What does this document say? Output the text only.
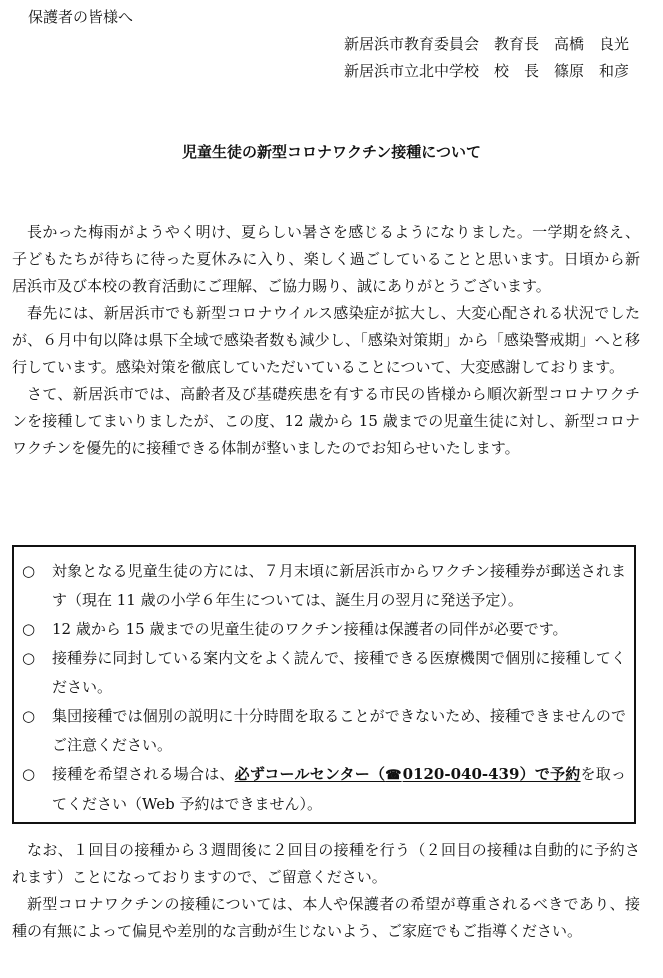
保護者の皆様へ
新居浜市教育委員会　教育長　高橋　良光
新居浜市立北中学校　校　長　篠原　和彦
児童生徒の新型コロナワクチン接種について

長かった梅雨がようやく明け、夏らしい暑さを感じるようになりました。一学期を終え、子どもたちが待ちに待った夏休みに入り、楽しく過ごしていることと思います。日頃から新居浜市及び本校の教育活動にご理解、ご協力賜り、誠にありがとうございます。

春先には、新居浜市でも新型コロナウイルス感染症が拡大し、大変心配される状況でしたが、６月中旬以降は県下全域で感染者数も減少し、「感染対策期」から「感染警戒期」へと移行しています。感染対策を徹底していただいていることについて、大変感謝しております。

さて、新居浜市では、高齢者及び基礎疾患を有する市民の皆様から順次新型コロナワクチンを接種してまいりましたが、この度、12 歳から 15 歳までの児童生徒に対し、新型コロナワクチンを優先的に接種できる体制が整いましたのでお知らせいたします。

○	対象となる児童生徒の方には、７月末頃に新居浜市からワクチン接種券が郵送されます（現在 11 歳の小学６年生については、誕生月の翌月に発送予定）。
○	12 歳から 15 歳までの児童生徒のワクチン接種は保護者の同伴が必要です。
○	接種券に同封している案内文をよく読んで、接種できる医療機関で個別に接種してください。
○	集団接種では個別の説明に十分時間を取ることができないため、接種できませんのでご注意ください。
○	接種を希望される場合は、必ずコールセンター（☎0120-040-439）で予約を取ってください（Web 予約はできません）。

なお、１回目の接種から３週間後に２回目の接種を行う（２回目の接種は自動的に予約されます）ことになっておりますので、ご留意ください。

新型コロナワクチンの接種については、本人や保護者の希望が尊重されるべきであり、接種の有無によって偏見や差別的な言動が生じないよう、ご家庭でもご指導ください。
